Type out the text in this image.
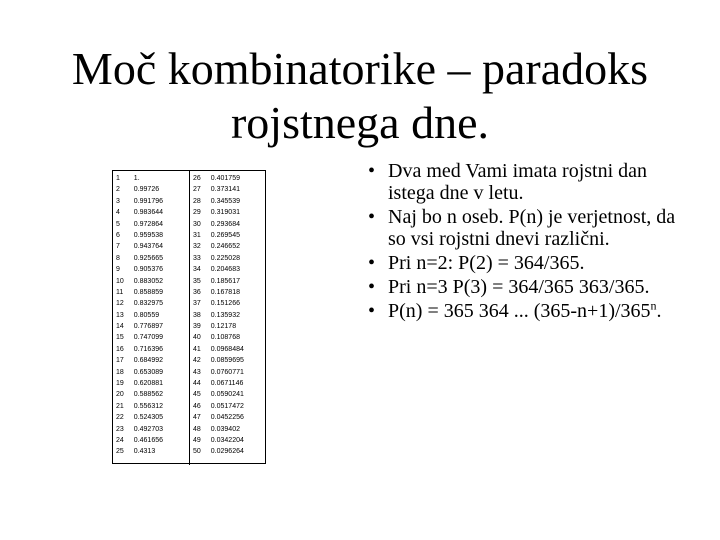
Moč kombinatorike – paradoks
rojstnega dne.
1	1.
2	0.99726
3	0.991796
4	0.983644
5	0.972864
6	0.959538
7	0.943764
8	0.925665
9	0.905376
10	0.883052
11	0.858859
12	0.832975
13	0.80559
14	0.776897
15	0.747099
16	0.716396
17	0.684992
18	0.653089
19	0.620881
20	0.588562
21	0.556312
22	0.524305
23	0.492703
24	0.461656
25	0.4313
26	0.401759
27	0.373141
28	0.345539
29	0.319031
30	0.293684
31	0.269545
32	0.246652
33	0.225028
34	0.204683
35	0.185617
36	0.167818
37	0.151266
38	0.135932
39	0.12178
40	0.108768
41	0.0968484
42	0.0859695
43	0.0760771
44	0.0671146
45	0.0590241
46	0.0517472
47	0.0452256
48	0.039402
49	0.0342204
50	0.0296264
• Dva med Vami imata rojstni dan istega dne v letu.
• Naj bo n oseb. P(n) je verjetnost, da so vsi rojstni dnevi različni.
• Pri n=2: P(2) = 364/365.
• Pri n=3 P(3) = 364/365 363/365.
• P(n) = 365 364 ... $(365-n+1)/365^n$.
